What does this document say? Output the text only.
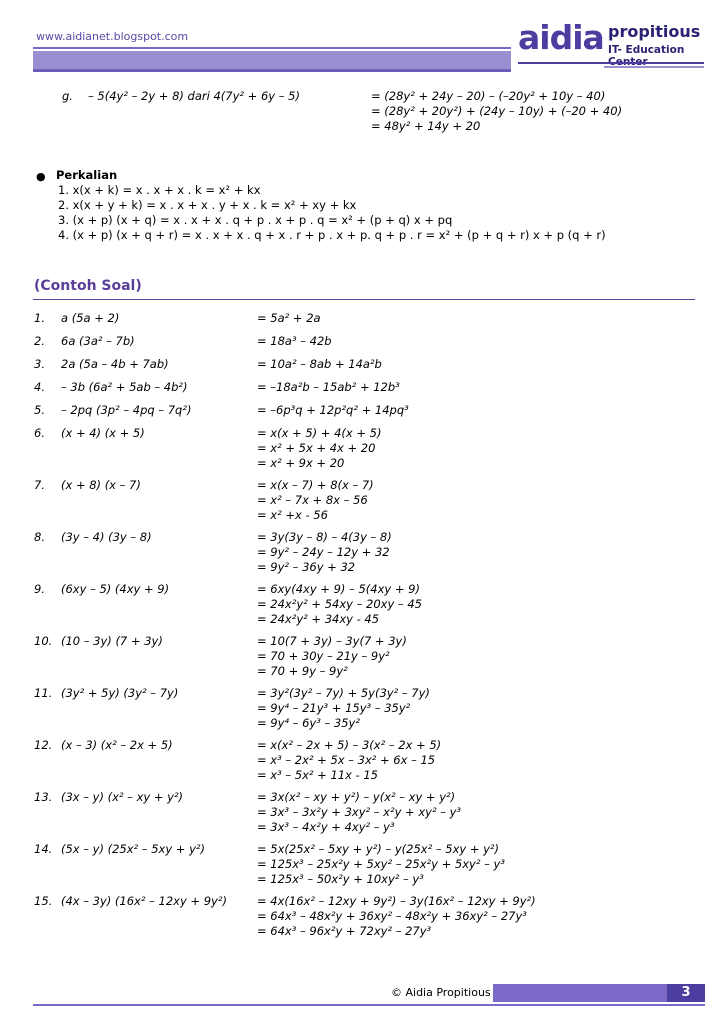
www.aidianet.blogspot.com	aidia propitious
IT- Education
g. – 5(4y² – 2y + 8) dari 4(7y² + 6y – 5)	= (28y² + 24y – 20) – (–20y² + 10y – 40)
= (28y² + 20y²) + (24y – 10y) + (–20 + 40)
= 48y² + 14y + 20
● Perkalian
1. x(x + k) = x . x + x . k = x² + kx
2. x(x + y + k) = x . x + x . y + x . k = x² + xy + kx
3. (x + p) (x + q) = x . x + x . q + p . x + p . q = x² + (p + q) x + pq
4. (x + p) (x + q + r) = x . x + x . q + x . r + p . x + p. q + p . r = x² + (p + q + r) x + p (q + r)
(Contoh Soal)
1. a (5a + 2)	= 5a² + 2a
2. 6a (3a² – 7b)	= 18a³ – 42b
3. 2a (5a – 4b + 7ab)	= 10a² – 8ab + 14a²b
4. – 3b (6a² + 5ab – 4b²)	= –18a²b – 15ab² + 12b³
5. – 2pq (3p² – 4pq – 7q²)	= –6p³q + 12p²q² + 14pq³
6. (x + 4) (x + 5)	= x(x + 5) + 4(x + 5)
= x² + 5x + 4x + 20
= x² + 9x + 20
7. (x + 8) (x – 7)	= x(x – 7) + 8(x – 7)
= x² – 7x + 8x – 56
= x² +x - 56
8. (3y – 4) (3y – 8)	= 3y(3y – 8) – 4(3y – 8)
= 9y² – 24y – 12y + 32
= 9y² – 36y + 32
9. (6xy – 5) (4xy + 9)	= 6xy(4xy + 9) – 5(4xy + 9)
= 24x²y² + 54xy – 20xy – 45
= 24x²y² + 34xy - 45
10. (10 – 3y) (7 + 3y)	= 10(7 + 3y) – 3y(7 + 3y)
= 70 + 30y – 21y – 9y²
= 70 + 9y – 9y²
11. (3y² + 5y) (3y² – 7y)	= 3y²(3y² – 7y) + 5y(3y² – 7y)
= 9y⁴ – 21y³ + 15y³ – 35y²
= 9y⁴ – 6y³ – 35y²
12. (x – 3) (x² – 2x + 5)	= x(x² – 2x + 5) – 3(x² – 2x + 5)
= x³ – 2x² + 5x – 3x² + 6x – 15
= x³ – 5x² + 11x - 15
13. (3x – y) (x² – xy + y²)	= 3x(x² – xy + y²) – y(x² – xy + y²)
= 3x³ – 3x²y + 3xy² – x²y + xy² – y³
= 3x³ – 4x²y + 4xy² – y³
14. (5x – y) (25x² – 5xy + y²)	= 5x(25x² – 5xy + y²) – y(25x² – 5xy + y²)
= 125x³ – 25x²y + 5xy² – 25x²y + 5xy² – y³
= 125x³ – 50x²y + 10xy² – y³
15. (4x – 3y) (16x² – 12xy + 9y²)	= 4x(16x² – 12xy + 9y²) – 3y(16x² – 12xy + 9y²)
= 64x³ – 48x²y + 36xy² – 48x²y + 36xy² – 27y³
= 64x³ – 96x²y + 72xy² – 27y³
© Aidia Propitious	3
